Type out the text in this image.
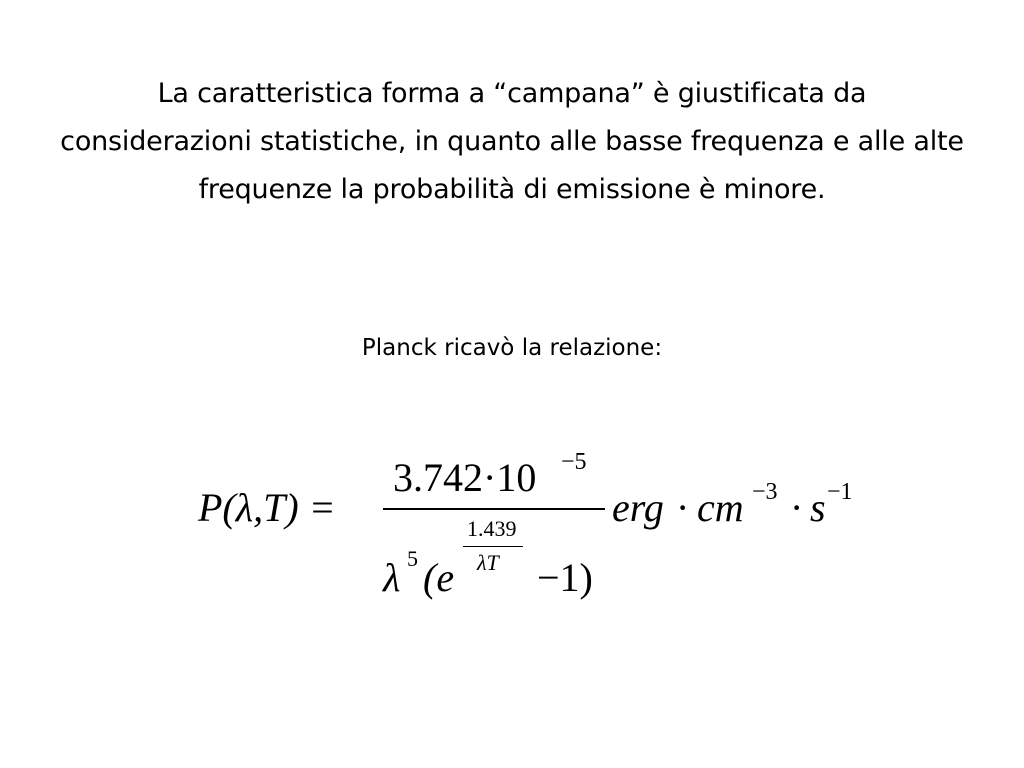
La caratteristica forma a “campana” è giustificata da considerazioni statistiche, in quanto alle basse frequenza e alle alte frequenze la probabilità di emissione è minore.
Planck ricavò la relazione:
P(λ,T) =
3.742·10 −5
λ 5 (e
1.439
λT −1)
erg · cm −3 · s −1
